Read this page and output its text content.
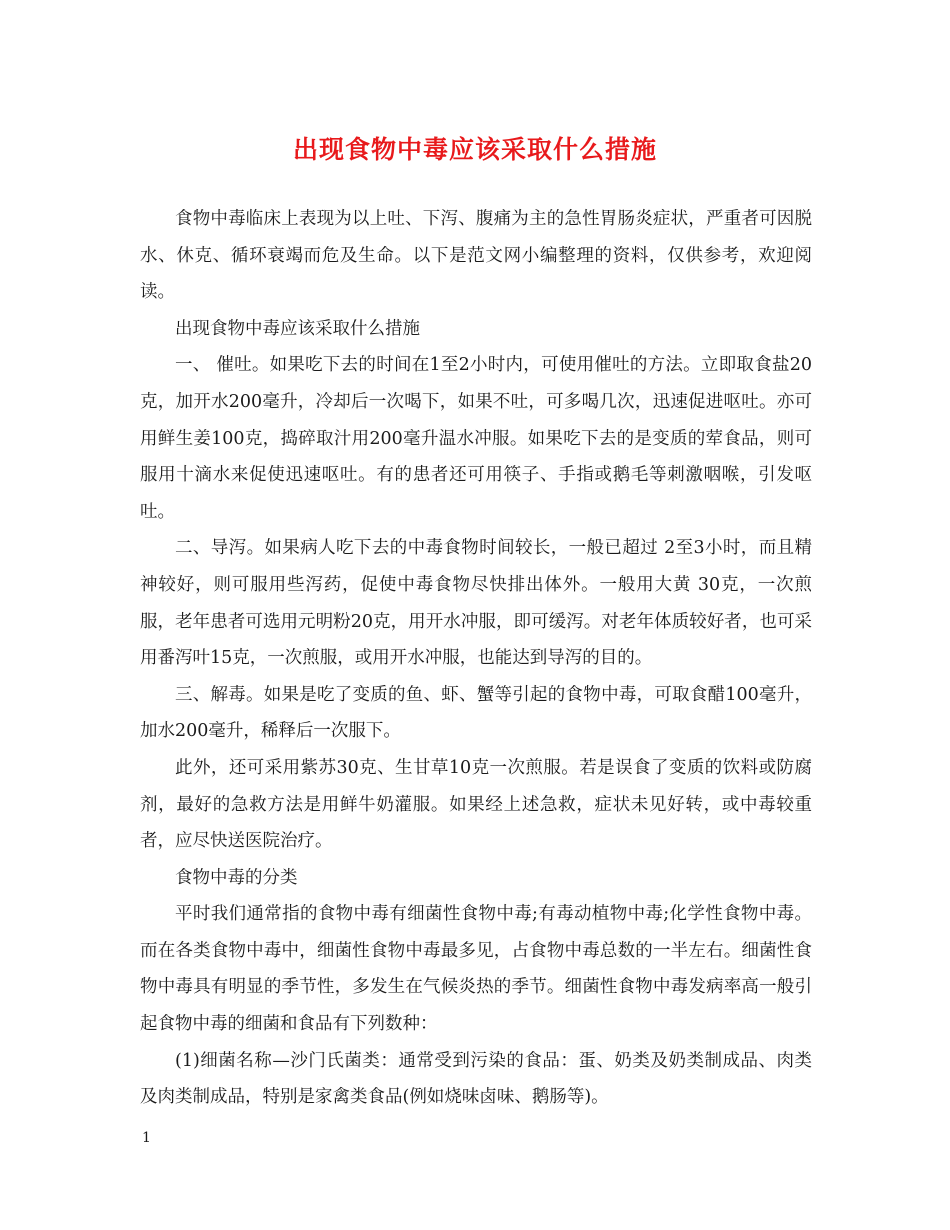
出现食物中毒应该采取什么措施

食物中毒临床上表现为以上吐、下泻、腹痛为主的急性胃肠炎症状，严重者可因脱水、休克、循环衰竭而危及生命。以下是范文网小编整理的资料，仅供参考，欢迎阅读。

出现食物中毒应该采取什么措施

一、 催吐。如果吃下去的时间在1至2小时内，可使用催吐的方法。立即取食盐20克，加开水200毫升，冷却后一次喝下，如果不吐，可多喝几次，迅速促进呕吐。亦可用鲜生姜100克，捣碎取汁用200毫升温水冲服。如果吃下去的是变质的荤食品，则可服用十滴水来促使迅速呕吐。有的患者还可用筷子、手指或鹅毛等刺激咽喉，引发呕吐。

二、导泻。如果病人吃下去的中毒食物时间较长，一般已超过 2至3小时，而且精神较好，则可服用些泻药，促使中毒食物尽快排出体外。一般用大黄 30克，一次煎服，老年患者可选用元明粉20克，用开水冲服，即可缓泻。对老年体质较好者，也可采用番泻叶15克，一次煎服，或用开水冲服，也能达到导泻的目的。

三、解毒。如果是吃了变质的鱼、虾、蟹等引起的食物中毒，可取食醋100毫升，加水200毫升，稀释后一次服下。

此外，还可采用紫苏30克、生甘草10克一次煎服。若是误食了变质的饮料或防腐剂，最好的急救方法是用鲜牛奶灌服。如果经上述急救，症状未见好转，或中毒较重者，应尽快送医院治疗。

食物中毒的分类

平时我们通常指的食物中毒有细菌性食物中毒;有毒动植物中毒;化学性食物中毒。而在各类食物中毒中，细菌性食物中毒最多见，占食物中毒总数的一半左右。细菌性食物中毒具有明显的季节性，多发生在气候炎热的季节。细菌性食物中毒发病率高一般引起食物中毒的细菌和食品有下列数种：

(1)细菌名称—沙门氏菌类：通常受到污染的食品：蛋、奶类及奶类制成品、肉类及肉类制成品，特别是家禽类食品(例如烧味卤味、鹅肠等)。

1
